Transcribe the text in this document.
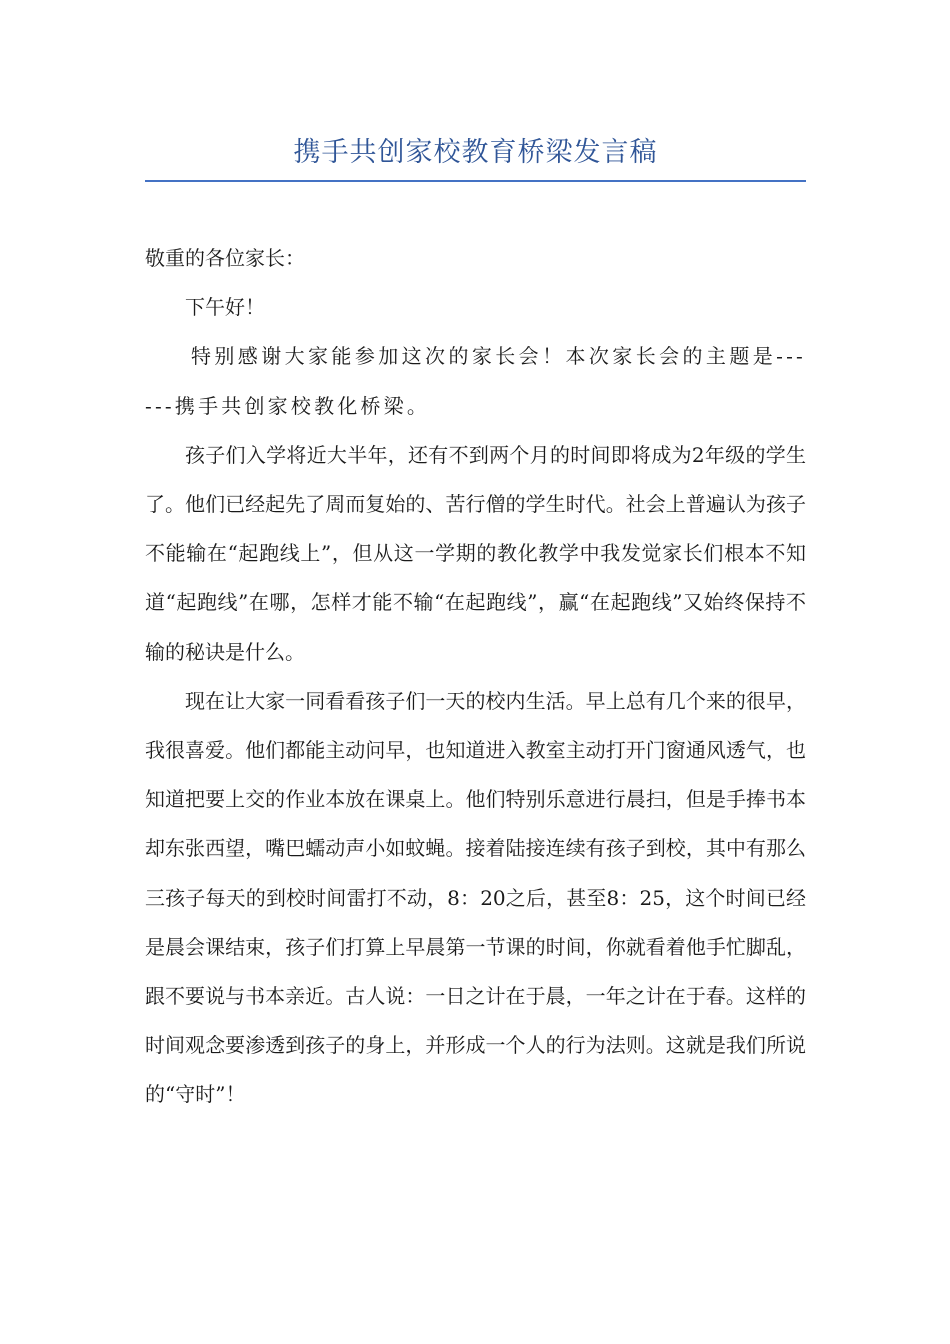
携手共创家校教育桥梁发言稿

敬重的各位家长：

下午好！

特别感谢大家能参加这次的家长会！本次家长会的主题是------携手共创家校教化桥梁。

孩子们入学将近大半年，还有不到两个月的时间即将成为2年级的学生了。他们已经起先了周而复始的、苦行僧的学生时代。社会上普遍认为孩子不能输在“起跑线上”，但从这一学期的教化教学中我发觉家长们根本不知道“起跑线”在哪，怎样才能不输“在起跑线”，赢“在起跑线”又始终保持不输的秘诀是什么。

现在让大家一同看看孩子们一天的校内生活。早上总有几个来的很早，我很喜爱。他们都能主动问早，也知道进入教室主动打开门窗通风透气，也知道把要上交的作业本放在课桌上。他们特别乐意进行晨扫，但是手捧书本却东张西望，嘴巴蠕动声小如蚊蝇。接着陆接连续有孩子到校，其中有那么三孩子每天的到校时间雷打不动，8：20之后，甚至8：25，这个时间已经是晨会课结束，孩子们打算上早晨第一节课的时间，你就看着他手忙脚乱，跟不要说与书本亲近。古人说：一日之计在于晨，一年之计在于春。这样的时间观念要渗透到孩子的身上，并形成一个人的行为法则。这就是我们所说的“守时”！
